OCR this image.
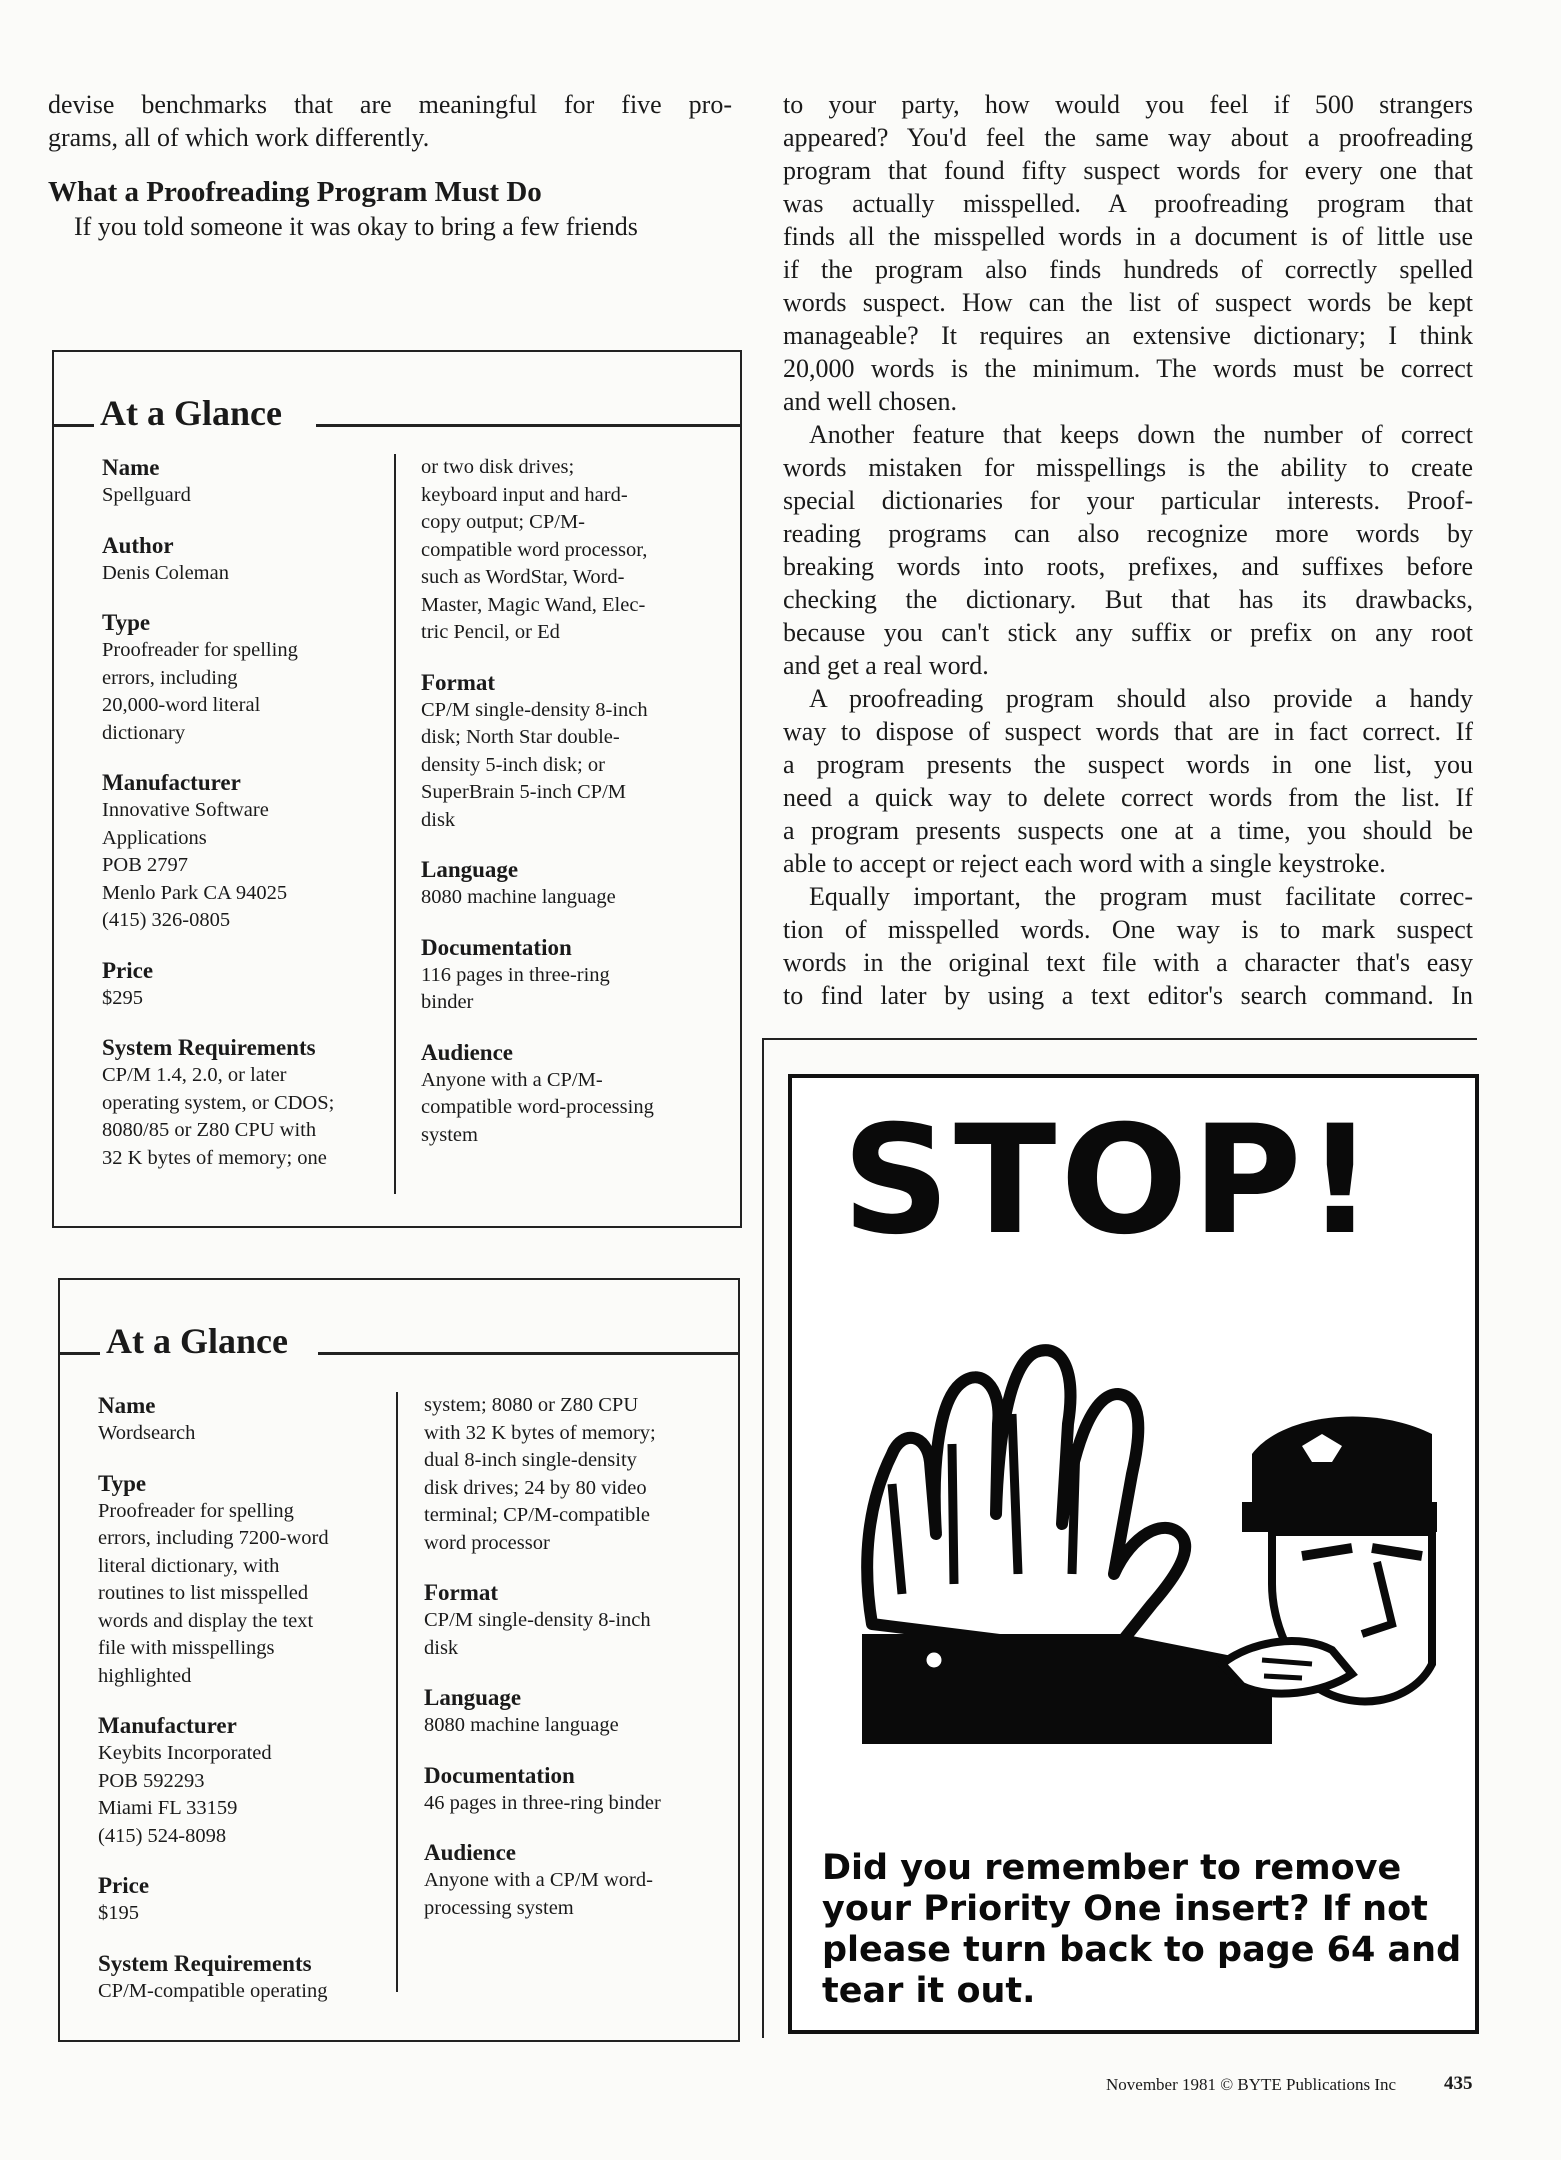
devise benchmarks that are meaningful for five pro-

grams, all of which work differently.

What a Proofreading Program Must Do

If you told someone it was okay to bring a few friends

to your party, how would you feel if 500 strangers

appeared? You'd feel the same way about a proofreading

program that found fifty suspect words for every one that

was actually misspelled. A proofreading program that

finds all the misspelled words in a document is of little use

if the program also finds hundreds of correctly spelled

words suspect. How can the list of suspect words be kept

manageable? It requires an extensive dictionary; I think

20,000 words is the minimum. The words must be correct

and well chosen.

Another feature that keeps down the number of correct

words mistaken for misspellings is the ability to create

special dictionaries for your particular interests. Proof-

reading programs can also recognize more words by

breaking words into roots, prefixes, and suffixes before

checking the dictionary. But that has its drawbacks,

because you can't stick any suffix or prefix on any root

and get a real word.

A proofreading program should also provide a handy

way to dispose of suspect words that are in fact correct. If

a program presents the suspect words in one list, you

need a quick way to delete correct words from the list. If

a program presents suspects one at a time, you should be

able to accept or reject each word with a single keystroke.

Equally important, the program must facilitate correc-

tion of misspelled words. One way is to mark suspect

words in the original text file with a character that's easy

to find later by using a text editor's search command. In

At a Glance
Name
Spellguard
Author
Denis Coleman
Type
Proofreader for spelling
errors, including
20,000-word literal
dictionary
Manufacturer
Innovative Software
Applications
POB 2797
Menlo Park CA 94025
(415) 326-0805
Price
$295
System Requirements
CP/M 1.4, 2.0, or later
operating system, or CDOS;
8080/85 or Z80 CPU with
32 K bytes of memory; one
or two disk drives;
keyboard input and hard-
copy output; CP/M-
compatible word processor,
such as WordStar, Word-
Master, Magic Wand, Elec-
tric Pencil, or Ed
Format
CP/M single-density 8-inch
disk; North Star double-
density 5-inch disk; or
SuperBrain 5-inch CP/M
disk
Language
8080 machine language
Documentation
116 pages in three-ring
binder
Audience
Anyone with a CP/M-
compatible word-processing
system
At a Glance
Name
Wordsearch
Type
Proofreader for spelling
errors, including 7200-word
literal dictionary, with
routines to list misspelled
words and display the text
file with misspellings
highlighted
Manufacturer
Keybits Incorporated
POB 592293
Miami FL 33159
(415) 524-8098
Price
$195
System Requirements
CP/M-compatible operating
system; 8080 or Z80 CPU
with 32 K bytes of memory;
dual 8-inch single-density
disk drives; 24 by 80 video
terminal; CP/M-compatible
word processor
Format
CP/M single-density 8-inch
disk
Language
8080 machine language
Documentation
46 pages in three-ring binder
Audience
Anyone with a CP/M word-
processing system
STOP!
Did you remember to remove
your Priority One insert? If not
please turn back to page 64 and
tear it out.
November 1981 © BYTE Publications Inc	435
